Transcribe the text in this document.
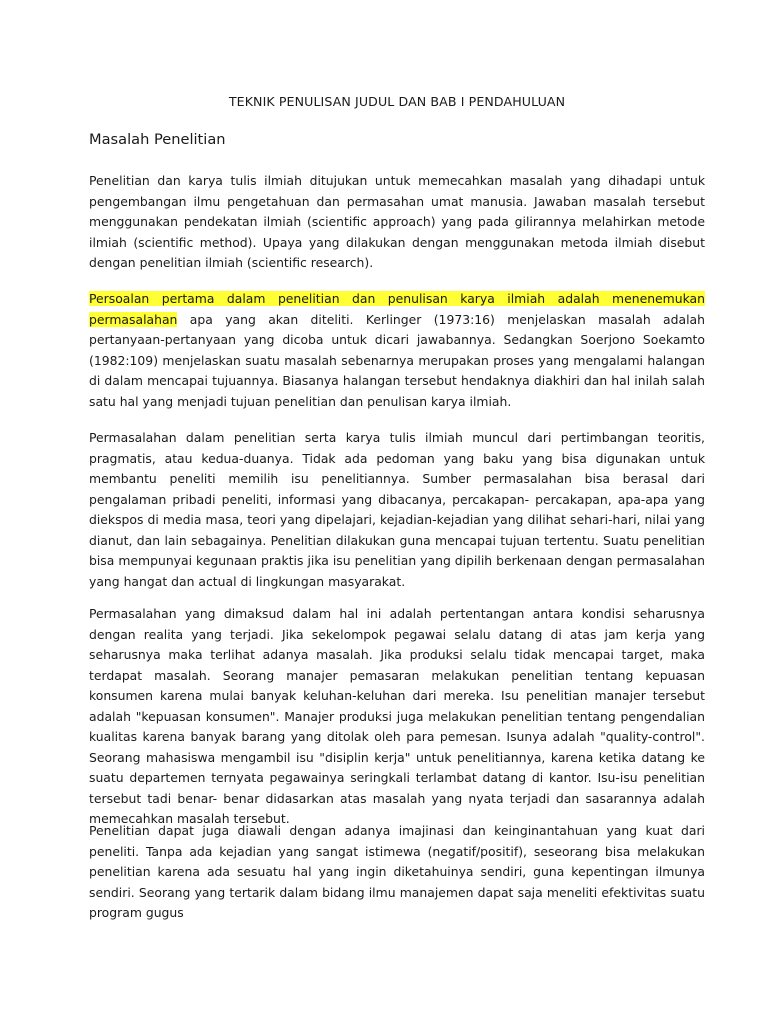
TEKNIK PENULISAN JUDUL DAN BAB I PENDAHULUAN
Masalah Penelitian

Penelitian dan karya tulis ilmiah ditujukan untuk memecahkan masalah yang dihadapi untuk pengembangan ilmu pengetahuan dan permasahan umat manusia. Jawaban masalah tersebut menggunakan pendekatan ilmiah (scientific approach) yang pada gilirannya melahirkan metode ilmiah (scientific method). Upaya yang dilakukan dengan menggunakan metoda ilmiah disebut dengan penelitian ilmiah (scientific research).

Persoalan pertama dalam penelitian dan penulisan karya ilmiah adalah menenemukan permasalahan apa yang akan diteliti. Kerlinger (1973:16) menjelaskan masalah adalah pertanyaan-pertanyaan yang dicoba untuk dicari jawabannya. Sedangkan Soerjono Soekamto (1982:109) menjelaskan suatu masalah sebenarnya merupakan proses yang mengalami halangan di dalam mencapai tujuannya. Biasanya halangan tersebut hendaknya diakhiri dan hal inilah salah satu hal yang menjadi tujuan penelitian dan penulisan karya ilmiah.

Permasalahan dalam penelitian serta karya tulis ilmiah muncul dari pertimbangan teoritis, pragmatis, atau kedua-duanya. Tidak ada pedoman yang baku yang bisa digunakan untuk membantu peneliti memilih isu penelitiannya. Sumber permasalahan bisa berasal dari pengalaman pribadi peneliti, informasi yang dibacanya, percakapan- percakapan, apa-apa yang diekspos di media masa, teori yang dipelajari, kejadian-kejadian yang dilihat sehari-hari, nilai yang dianut, dan lain sebagainya. Penelitian dilakukan guna mencapai tujuan tertentu. Suatu penelitian bisa mempunyai kegunaan praktis jika isu penelitian yang dipilih berkenaan dengan permasalahan yang hangat dan actual di lingkungan masyarakat.

Permasalahan yang dimaksud dalam hal ini adalah pertentangan antara kondisi seharusnya dengan realita yang terjadi. Jika sekelompok pegawai selalu datang di atas jam kerja yang seharusnya maka terlihat adanya masalah. Jika produksi selalu tidak mencapai target, maka terdapat masalah. Seorang manajer pemasaran melakukan penelitian tentang kepuasan konsumen karena mulai banyak keluhan-keluhan dari mereka. Isu penelitian manajer tersebut adalah "kepuasan konsumen". Manajer produksi juga melakukan penelitian tentang pengendalian kualitas karena banyak barang yang ditolak oleh para pemesan. Isunya adalah "quality-control". Seorang mahasiswa mengambil isu "disiplin kerja" untuk penelitiannya, karena ketika datang ke suatu departemen ternyata pegawainya seringkali terlambat datang di kantor. Isu-isu penelitian tersebut tadi benar- benar didasarkan atas masalah yang nyata terjadi dan sasarannya adalah memecahkan masalah tersebut.

Penelitian dapat juga diawali dengan adanya imajinasi dan keinginantahuan yang kuat dari peneliti. Tanpa ada kejadian yang sangat istimewa (negatif/positif), seseorang bisa melakukan penelitian karena ada sesuatu hal yang ingin diketahuinya sendiri, guna kepentingan ilmunya sendiri. Seorang yang tertarik dalam bidang ilmu manajemen dapat saja meneliti efektivitas suatu program gugus
